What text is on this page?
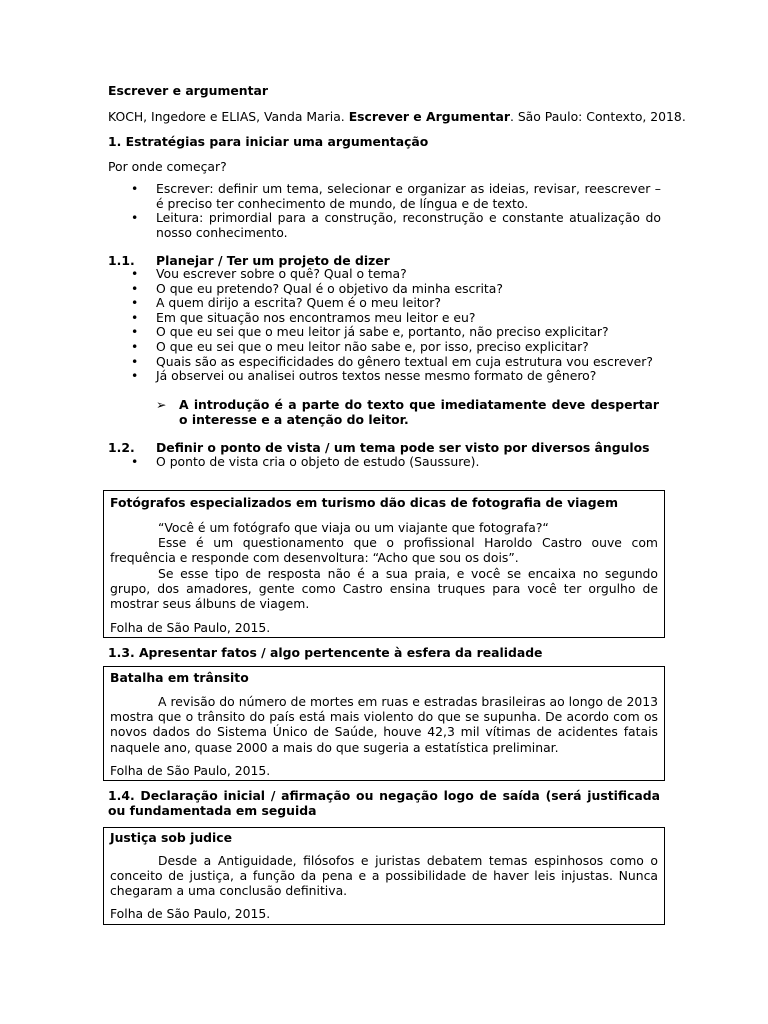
Escrever e argumentar

KOCH, Ingedore e ELIAS, Vanda Maria. Escrever e Argumentar. São Paulo: Contexto, 2018.

1. Estratégias para iniciar uma argumentação

Por onde começar?

• Escrever: definir um tema, selecionar e organizar as ideias, revisar, reescrever – é preciso ter conhecimento de mundo, de língua e de texto.
• Leitura: primordial para a construção, reconstrução e constante atualização do nosso conhecimento.

1.1. Planejar / Ter um projeto de dizer

• Vou escrever sobre o quê? Qual o tema?
• O que eu pretendo? Qual é o objetivo da minha escrita?
• A quem dirijo a escrita? Quem é o meu leitor?
• Em que situação nos encontramos meu leitor e eu?
• O que eu sei que o meu leitor já sabe e, portanto, não preciso explicitar?
• O que eu sei que o meu leitor não sabe e, por isso, preciso explicitar?
• Quais são as especificidades do gênero textual em cuja estrutura vou escrever?
• Já observei ou analisei outros textos nesse mesmo formato de gênero?
➢ A introdução é a parte do texto que imediatamente deve despertar o interesse e a atenção do leitor.

1.2. Definir o ponto de vista / um tema pode ser visto por diversos ângulos

• O ponto de vista cria o objeto de estudo (Saussure).

Fotógrafos especializados em turismo dão dicas de fotografia de viagem

“Você é um fotógrafo que viaja ou um viajante que fotografa?“

Esse é um questionamento que o profissional Haroldo Castro ouve com frequência e responde com desenvoltura: “Acho que sou os dois”.

Se esse tipo de resposta não é a sua praia, e você se encaixa no segundo grupo, dos amadores, gente como Castro ensina truques para você ter orgulho de mostrar seus álbuns de viagem.

Folha de São Paulo, 2015.

1.3. Apresentar fatos / algo pertencente à esfera da realidade

Batalha em trânsito

A revisão do número de mortes em ruas e estradas brasileiras ao longo de 2013 mostra que o trânsito do país está mais violento do que se supunha. De acordo com os novos dados do Sistema Único de Saúde, houve 42,3 mil vítimas de acidentes fatais naquele ano, quase 2000 a mais do que sugeria a estatística preliminar.

Folha de São Paulo, 2015.

1.4. Declaração inicial / afirmação ou negação logo de saída (será justificada ou fundamentada em seguida

Justiça sob judice

Desde a Antiguidade, filósofos e juristas debatem temas espinhosos como o conceito de justiça, a função da pena e a possibilidade de haver leis injustas. Nunca chegaram a uma conclusão definitiva.

Folha de São Paulo, 2015.
